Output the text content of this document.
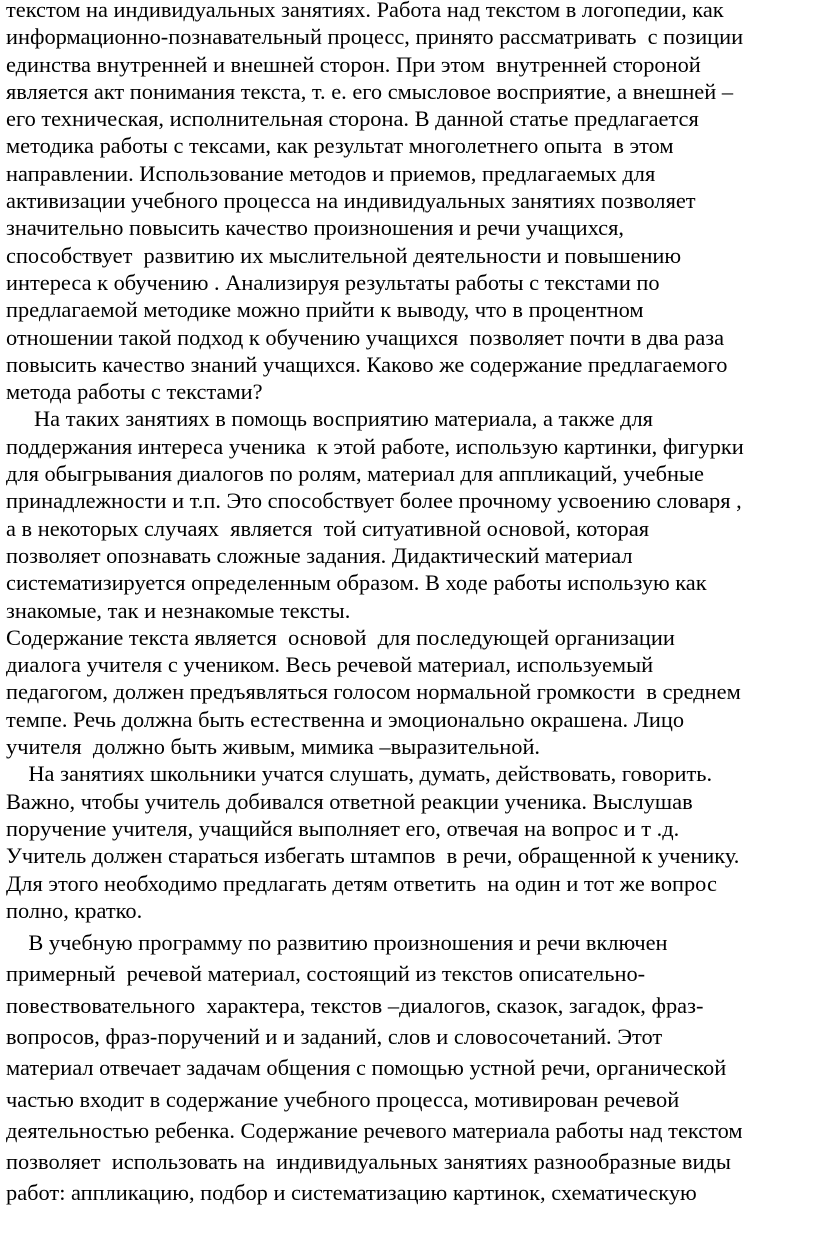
текстом на индивидуальных занятиях. Работа над текстом в логопедии, как
информационно-познавательный процесс, принято рассматривать  с позиции
единства внутренней и внешней сторон. При этом  внутренней стороной
является акт понимания текста, т. е. его смысловое восприятие, а внешней –
его техническая, исполнительная сторона. В данной статье предлагается
методика работы с тексами, как результат многолетнего опыта  в этом
направлении. Использование методов и приемов, предлагаемых для
активизации учебного процесса на индивидуальных занятиях позволяет
значительно повысить качество произношения и речи учащихся,
способствует  развитию их мыслительной деятельности и повышению
интереса к обучению . Анализируя результаты работы с текстами по
предлагаемой методике можно прийти к выводу, что в процентном
отношении такой подход к обучению учащихся  позволяет почти в два раза
повысить качество знаний учащихся. Каково же содержание предлагаемого
метода работы с текстами?
На таких занятиях в помощь восприятию материала, а также для
поддержания интереса ученика  к этой работе, использую картинки, фигурки
для обыгрывания диалогов по ролям, материал для аппликаций, учебные
принадлежности и т.п. Это способствует более прочному усвоению словаря ,
а в некоторых случаях  является  той ситуативной основой, которая
позволяет опознавать сложные задания. Дидактический материал
систематизируется определенным образом. В ходе работы использую как
знакомые, так и незнакомые тексты.
Содержание текста является  основой  для последующей организации
диалога учителя с учеником. Весь речевой материал, используемый
педагогом, должен предъявляться голосом нормальной громкости  в среднем
темпе. Речь должна быть естественна и эмоционально окрашена. Лицо
учителя  должно быть живым, мимика –выразительной.
На занятиях школьники учатся слушать, думать, действовать, говорить.
Важно, чтобы учитель добивался ответной реакции ученика. Выслушав
поручение учителя, учащийся выполняет его, отвечая на вопрос и т .д.
Учитель должен стараться избегать штампов  в речи, обращенной к ученику.
Для этого необходимо предлагать детям ответить  на один и тот же вопрос
полно, кратко.
В учебную программу по развитию произношения и речи включен
примерный  речевой материал, состоящий из текстов описательно-
повествовательного  характера, текстов –диалогов, сказок, загадок, фраз-
вопросов, фраз-поручений и и заданий, слов и словосочетаний. Этот
материал отвечает задачам общения с помощью устной речи, органической
частью входит в содержание учебного процесса, мотивирован речевой
деятельностью ребенка. Содержание речевого материала работы над текстом
позволяет  использовать на  индивидуальных занятиях разнообразные виды
работ: аппликацию, подбор и систематизацию картинок, схематическую
